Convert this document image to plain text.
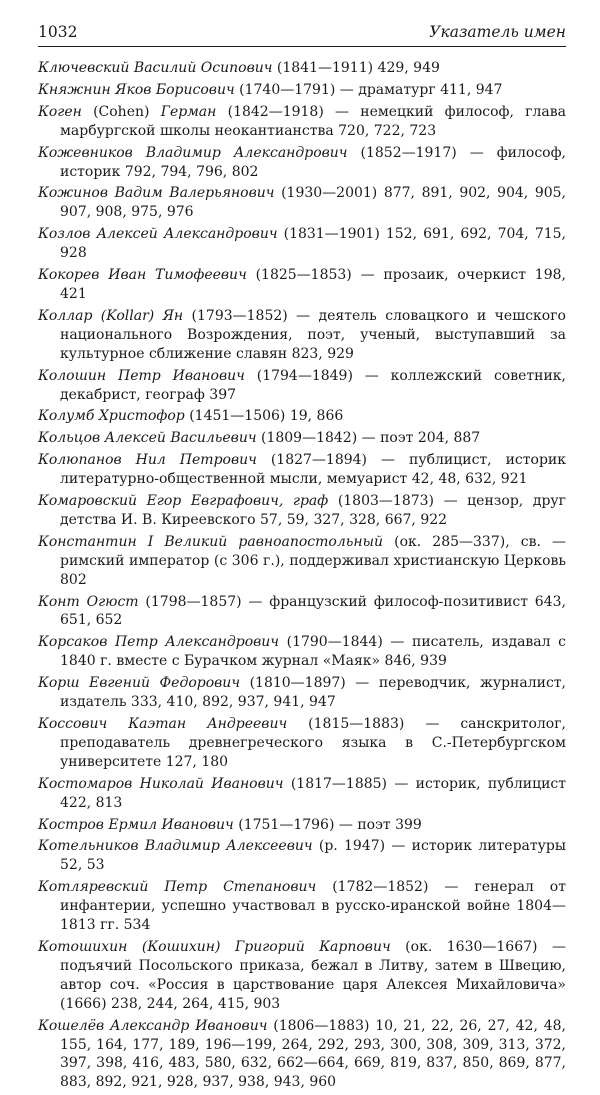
1032	Указатель имен

Ключевский Василий Осипович (1841—1911) 429, 949

Княжнин Яков Борисович (1740—1791) — драматург 411, 947

Коген (Cohen) Герман (1842—1918) — немецкий философ, глава марбургской школы неокантианства 720, 722, 723

Кожевников Владимир Александрович (1852—1917) — философ, историк 792, 794, 796, 802

Кожинов Вадим Валерьянович (1930—2001) 877, 891, 902, 904, 905, 907, 908, 975, 976

Козлов Алексей Александрович (1831—1901) 152, 691, 692, 704, 715, 928

Кокорев Иван Тимофеевич (1825—1853) — прозаик, очеркист 198, 421

Коллар (Kollar) Ян (1793—1852) — деятель словацкого и чешского национального Возрождения, поэт, ученый, выступавший за культурное сближение славян 823, 929

Колошин Петр Иванович (1794—1849) — коллежский советник, декабрист, географ 397

Колумб Христофор (1451—1506) 19, 866

Кольцов Алексей Васильевич (1809—1842) — поэт 204, 887

Колюпанов Нил Петрович (1827—1894) — публицист, историк литературно-общественной мысли, мемуарист 42, 48, 632, 921

Комаровский Егор Евграфович, граф (1803—1873) — цензор, друг детства И. В. Киреевского 57, 59, 327, 328, 667, 922

Константин I Великий равноапостольный (ок. 285—337), св. — римский император (с 306 г.), поддерживал христианскую Церковь 802

Конт Огюст (1798—1857) — французский философ-позитивист 643, 651, 652

Корсаков Петр Александрович (1790—1844) — писатель, издавал с 1840 г. вместе с Бурачком журнал «Маяк» 846, 939

Корш Евгений Федорович (1810—1897) — переводчик, журналист, издатель 333, 410, 892, 937, 941, 947

Коссович Каэтан Андреевич (1815—1883) — санскритолог, преподаватель древнегреческого языка в С.-Петербургском университете 127, 180

Костомаров Николай Иванович (1817—1885) — историк, публицист 422, 813

Костров Ермил Иванович (1751—1796) — поэт 399

Котельников Владимир Алексеевич (р. 1947) — историк литературы 52, 53

Котляревский Петр Степанович (1782—1852) — генерал от инфантерии, успешно участвовал в русско-иранской войне 1804—1813 гг. 534

Котошихин (Кошихин) Григорий Карпович (ок. 1630—1667) — подъячий Посольского приказа, бежал в Литву, затем в Швецию, автор соч. «Россия в царствование царя Алексея Михайловича» (1666) 238, 244, 264, 415, 903

Кошелёв Александр Иванович (1806—1883) 10, 21, 22, 26, 27, 42, 48, 155, 164, 177, 189, 196—199, 264, 292, 293, 300, 308, 309, 313, 372, 397, 398, 416, 483, 580, 632, 662—664, 669, 819, 837, 850, 869, 877, 883, 892, 921, 928, 937, 938, 943, 960
